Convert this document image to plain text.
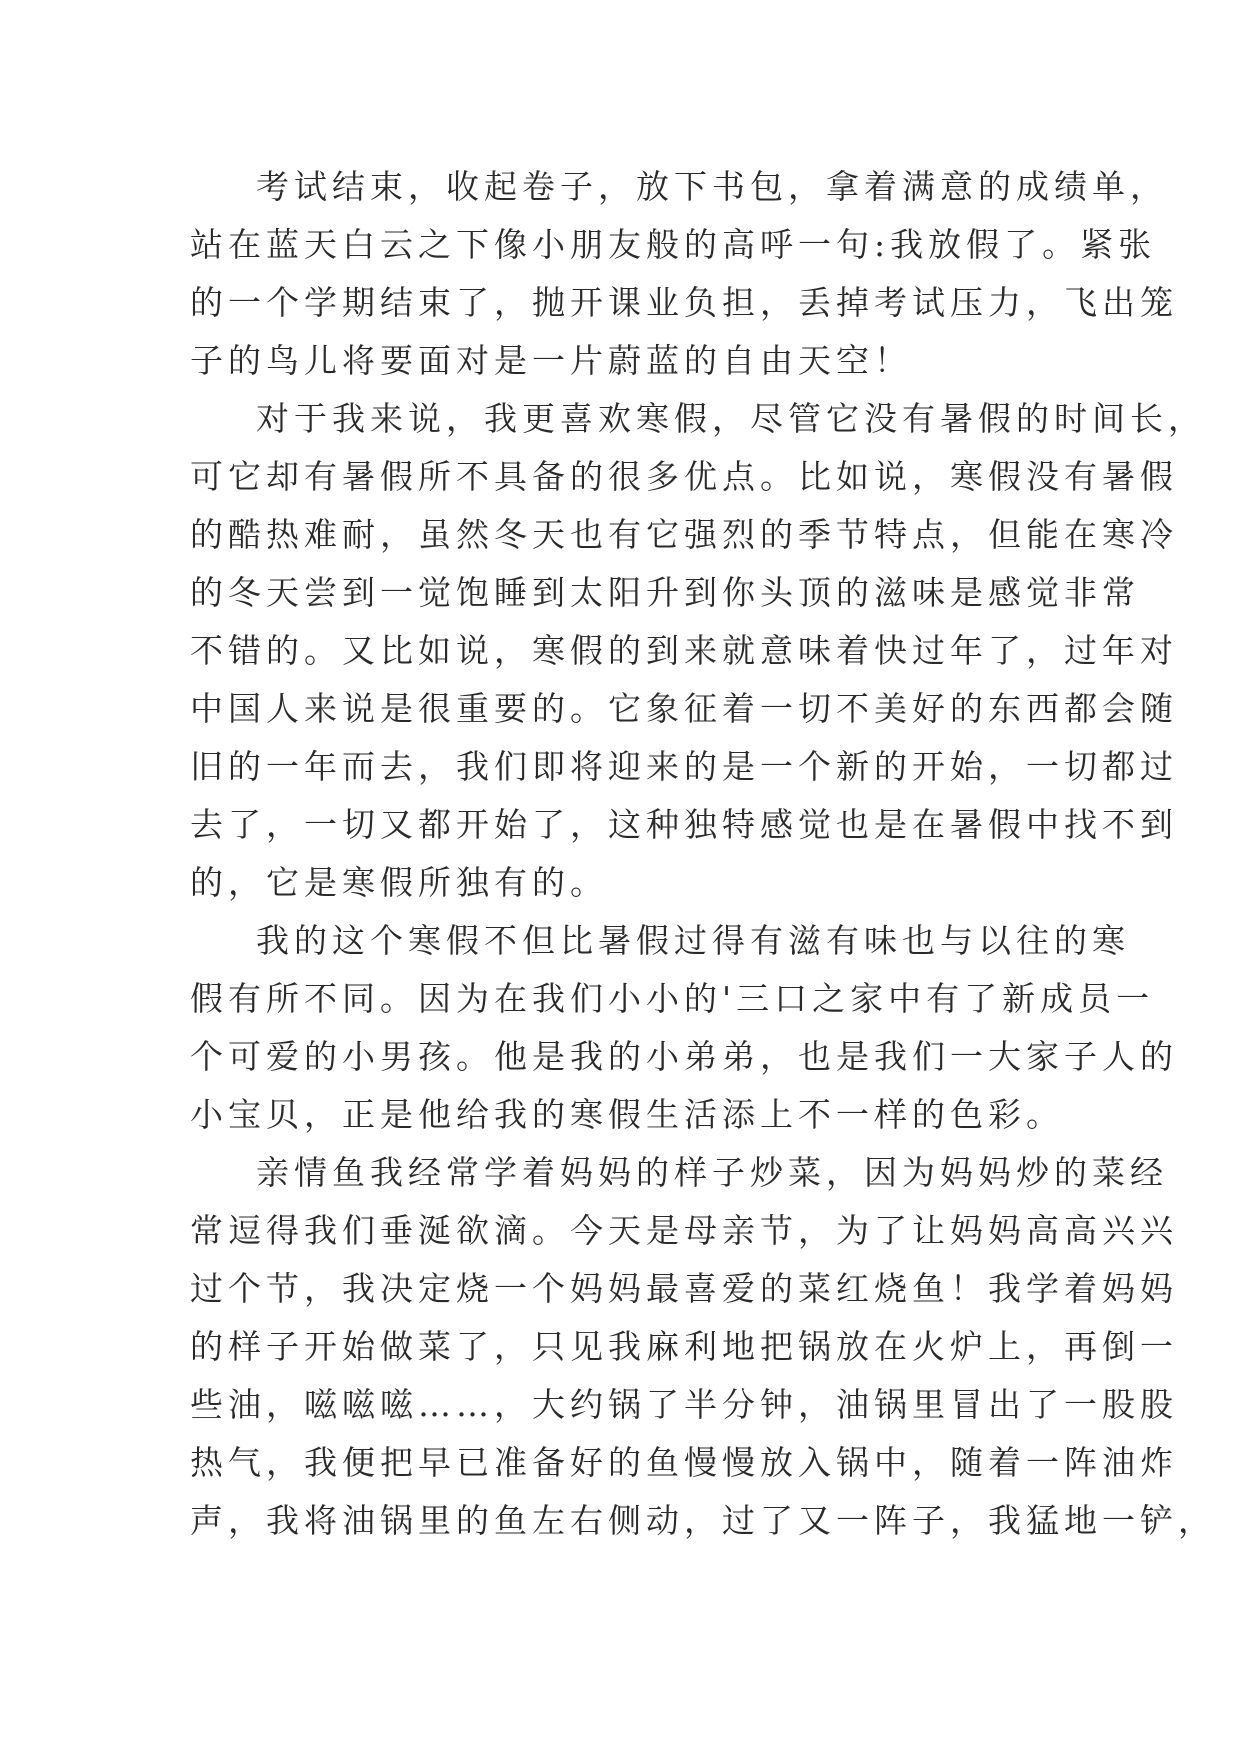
考试结束，收起卷子，放下书包，拿着满意的成绩单，
站在蓝天白云之下像小朋友般的高呼一句:我放假了。紧张
的一个学期结束了，抛开课业负担，丢掉考试压力，飞出笼
子的鸟儿将要面对是一片蔚蓝的自由天空！
对于我来说，我更喜欢寒假，尽管它没有暑假的时间长，
可它却有暑假所不具备的很多优点。比如说，寒假没有暑假
的酷热难耐，虽然冬天也有它强烈的季节特点，但能在寒冷
的冬天尝到一觉饱睡到太阳升到你头顶的滋味是感觉非常
不错的。又比如说，寒假的到来就意味着快过年了，过年对
中国人来说是很重要的。它象征着一切不美好的东西都会随
旧的一年而去，我们即将迎来的是一个新的开始，一切都过
去了，一切又都开始了，这种独特感觉也是在暑假中找不到
的，它是寒假所独有的。
我的这个寒假不但比暑假过得有滋有味也与以往的寒
假有所不同。因为在我们小小的'三口之家中有了新成员一
个可爱的小男孩。他是我的小弟弟，也是我们一大家子人的
小宝贝，正是他给我的寒假生活添上不一样的色彩。
亲情鱼我经常学着妈妈的样子炒菜，因为妈妈炒的菜经
常逗得我们垂涎欲滴。今天是母亲节，为了让妈妈高高兴兴
过个节，我决定烧一个妈妈最喜爱的菜红烧鱼！我学着妈妈
的样子开始做菜了，只见我麻利地把锅放在火炉上，再倒一
些油，嗞嗞嗞……，大约锅了半分钟，油锅里冒出了一股股
热气，我便把早已准备好的鱼慢慢放入锅中，随着一阵油炸
声，我将油锅里的鱼左右侧动，过了又一阵子，我猛地一铲，
